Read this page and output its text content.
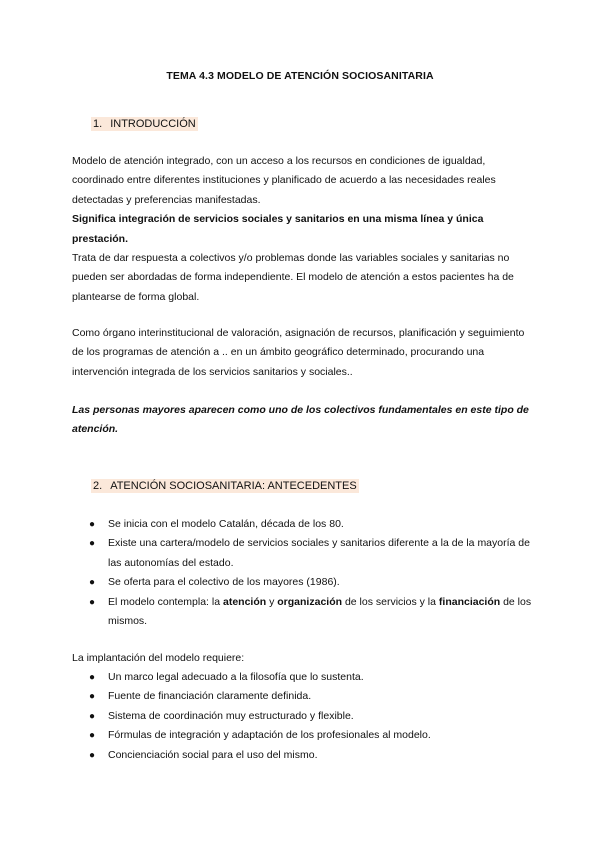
TEMA 4.3 MODELO DE ATENCIÓN SOCIOSANITARIA
1. INTRODUCCIÓN

Modelo de atención integrado, con un acceso a los recursos en condiciones de igualdad, coordinado entre diferentes instituciones y planificado de acuerdo a las necesidades reales detectadas y preferencias manifestadas.

Significa integración de servicios sociales y sanitarios en una misma línea y única prestación.

Trata de dar respuesta a colectivos y/o problemas donde las variables sociales y sanitarias no pueden ser abordadas de forma independiente. El modelo de atención a estos pacientes ha de plantearse de forma global.

Como órgano interinstitucional de valoración, asignación de recursos, planificación y seguimiento de los programas de atención a .. en un ámbito geográfico determinado, procurando una intervención integrada de los servicios sanitarios y sociales..

Las personas mayores aparecen como uno de los colectivos fundamentales en este tipo de atención.

2. ATENCIÓN SOCIOSANITARIA: ANTECEDENTES
● Se inicia con el modelo Catalán, década de los 80.
● Existe una cartera/modelo de servicios sociales y sanitarios diferente a la de la mayoría de las autonomías del estado.
● Se oferta para el colectivo de los mayores (1986).
● El modelo contempla: la atención y organización de los servicios y la financiación de los mismos.

La implantación del modelo requiere:

● Un marco legal adecuado a la filosofía que lo sustenta.
● Fuente de financiación claramente definida.
● Sistema de coordinación muy estructurado y flexible.
● Fórmulas de integración y adaptación de los profesionales al modelo.
● Concienciación social para el uso del mismo.
